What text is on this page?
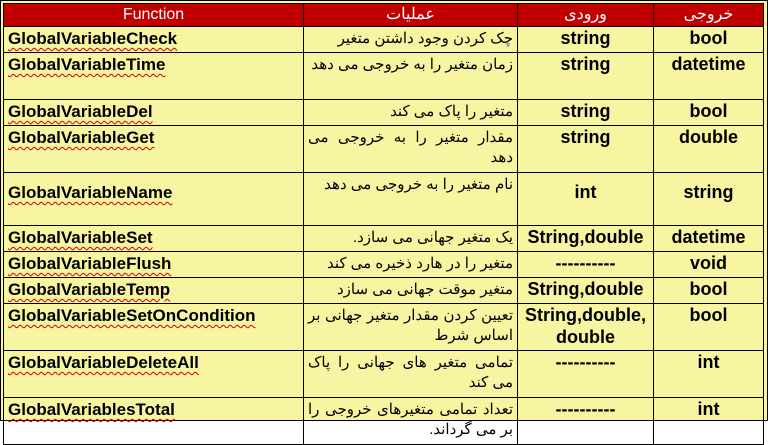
Function	عملیات	ورودی	خروجی
GlobalVariableCheck	چک کردن وجود داشتن متغیر	string	bool
GlobalVariableTime	زمان متغیر را به خروجی می دهد	string	datetime
GlobalVariableDel	متغیر را پاک می کند	string	bool
GlobalVariableGet	مقدار متغیر را به خروجی می دهد	string	double
GlobalVariableName	نام متغیر را به خروجی می دهد	int	string
GlobalVariableSet	یک متغیر جهانی می سازد.	String,double	datetime
GlobalVariableFlush	متغیر را در هارد ذخیره می کند	----------	void
GlobalVariableTemp	متغیر موقت جهانی می سازد	String,double	bool
GlobalVariableSetOnCondition	تعیین کردن مقدار متغیر جهانی بر اساس شرط	String,double, double	bool
GlobalVariableDeleteAll	تمامی متغیر های جهانی را پاک می کند	----------	int
GlobalVariablesTotal	تعداد تمامی متغیرهای خروجی را بر می گرداند.	----------	int
